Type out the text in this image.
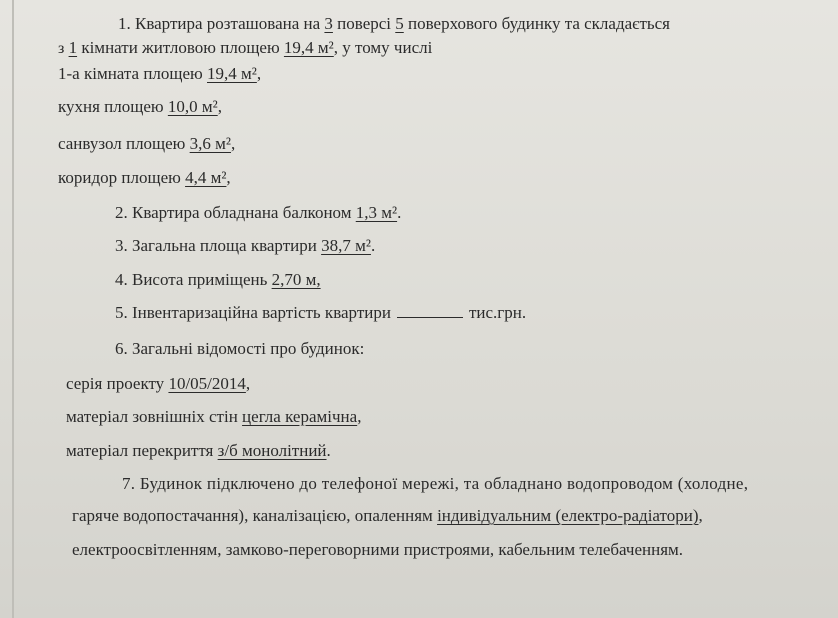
1. Квартира розташована на 3 поверсі 5 поверхового будинку та складається
з 1 кімнати житловою площею 19,4 м², у тому числі
1-а кімната площею 19,4 м²,
кухня площею 10,0 м²,
санвузол площею 3,6 м²,
коридор площею 4,4 м²,
2. Квартира обладнана балконом 1,3 м².
3. Загальна площа квартири 38,7 м².
4. Висота приміщень 2,70 м,
5. Інвентаризаційна вартість квартири	тис.грн.
6. Загальні відомості про будинок:
серія проекту 10/05/2014,
матеріал зовнішніх стін цегла керамічна,
матеріал перекриття з/б монолітний.
7. Будинок підключено до телефоної мережі, та обладнано водопроводом (холодне,
гаряче водопостачання), каналізацією, опаленням індивідуальним (електро-радіатори),
електроосвітленням, замково-переговорними пристроями, кабельним телебаченням.
